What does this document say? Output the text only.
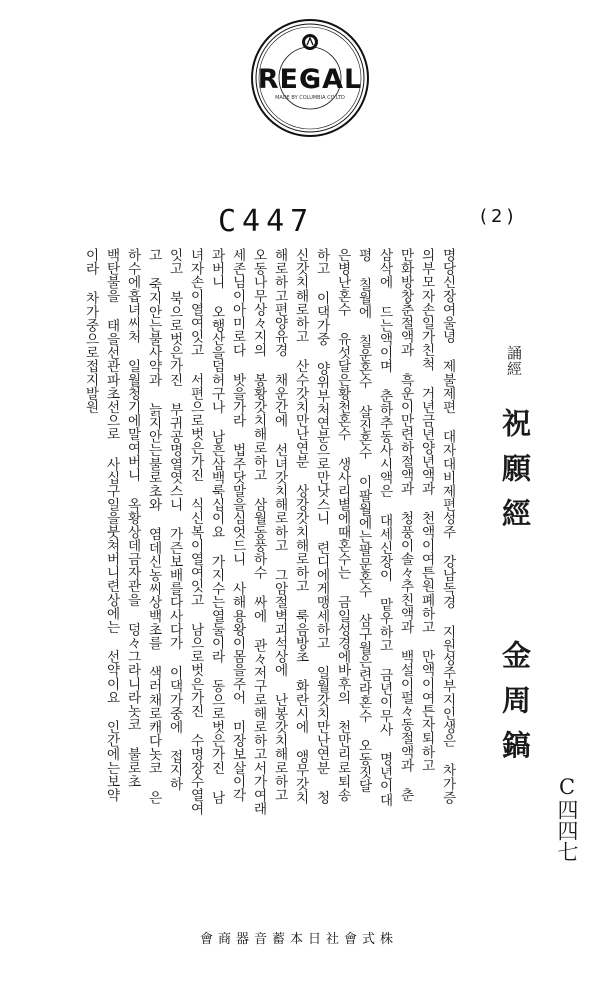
REGAL
MADE BY COLUMBIA CO.LTD
C447	(2)
誦經
祝願經
金周鎬
C四四七
명당신장여울녕 제불제편 대자대비제편성주 강남독경 지원성주부지인생은 차가증
의부모자손일가친척 거년금년양년액과 천액이여튼원폐하고 만액이여튼자퇴하고
만화방창춘절액과 흑운이만련하절액과 청풍이솔々추친액과 백설이펄々동절액과 춘
삼삭에 드는액이며 춘하추동사시액은 대세신장이 맡우하고 금년이무사 명년이대
평 칠월에 칠운혼수 살진혼수 이팔월에는팔문혼수 삼구월은련라혼수 오동짓달
은병난혼수 유섯달은황천혼수 생사리별에때혼수는 금일성경에바후의 천만리로퇴송
하고 이댁가중 양위부처연분으로만낫스니 련디에게맹세하고 일월갓치만난연분 청
신갓치해로하고 산수갓치만난연분 상강갓치해로하고 룩음방초 화란시에 앵무갓치
해로하고편양유경 채운간에 선녀갓치해로하고 그암절벽괴석상에 난봉갓치해로하고
오동나무상々지의 봉황갓치해로하고 삼월동풍하수 싸에 관々저구로해로하고서가여래
세존님이아미로다 밧을가라 법주닷말을심엇드니 사해용왕이몸을주어 미장보살이각
과버니 오행산을덤허구나 남흔삼백룩십이요 가지수는열둘이라 동으로벗은가진 남
녀자손이열여잇고 서편으로벗은가진 식신복이열여잇고 남으로벗은가진 수명장수열여
잇고 북으로벗은가진 부귀공명열엿스니 가즌보배를다사다가 이댁가중에 접지하
고 죽지안는불사약과 늙지안는불로초와 염데신농씨상백초를 색러채로캐다놋코 은
하수에흡녀씨처 일월청기에말여버니 옥황상데금자관을 덩々그라니라놋코 불로초
백탄불을 태을선관파초선으로 사십구일을붓쳐버니련상에는 선약이요 인간에는보약
이라 차가중으로접지발원
株式會社日本蓄音器商會
